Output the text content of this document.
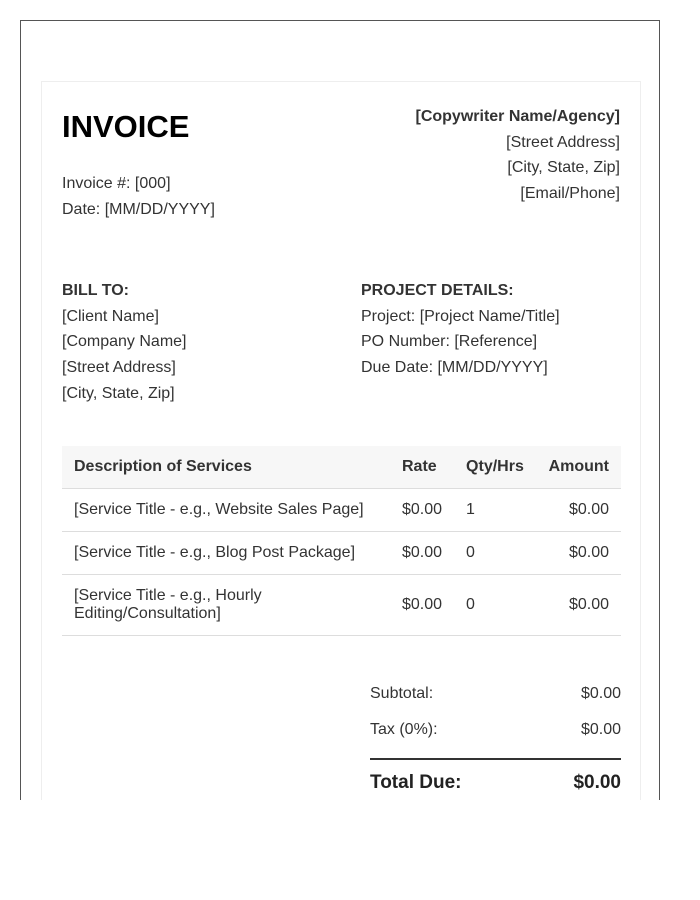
INVOICE
Invoice #: [000]
Date: [MM/DD/YYYY]
[Copywriter Name/Agency]
[Street Address]
[City, State, Zip]
[Email/Phone]
BILL TO:
[Client Name]
[Company Name]
[Street Address]
[City, State, Zip]
PROJECT DETAILS:
Project: [Project Name/Title]
PO Number: [Reference]
Due Date: [MM/DD/YYYY]
Description of Services	Rate	Qty/Hrs	Amount

[Service Title - e.g., Website Sales Page]	$0.00	1	$0.00

[Service Title - e.g., Blog Post Package]	$0.00	0	$0.00

[Service Title - e.g., Hourly Editing/Consultation]	$0.00	0	$0.00
Subtotal:	$0.00
Tax (0%):	$0.00
Total Due:	$0.00
